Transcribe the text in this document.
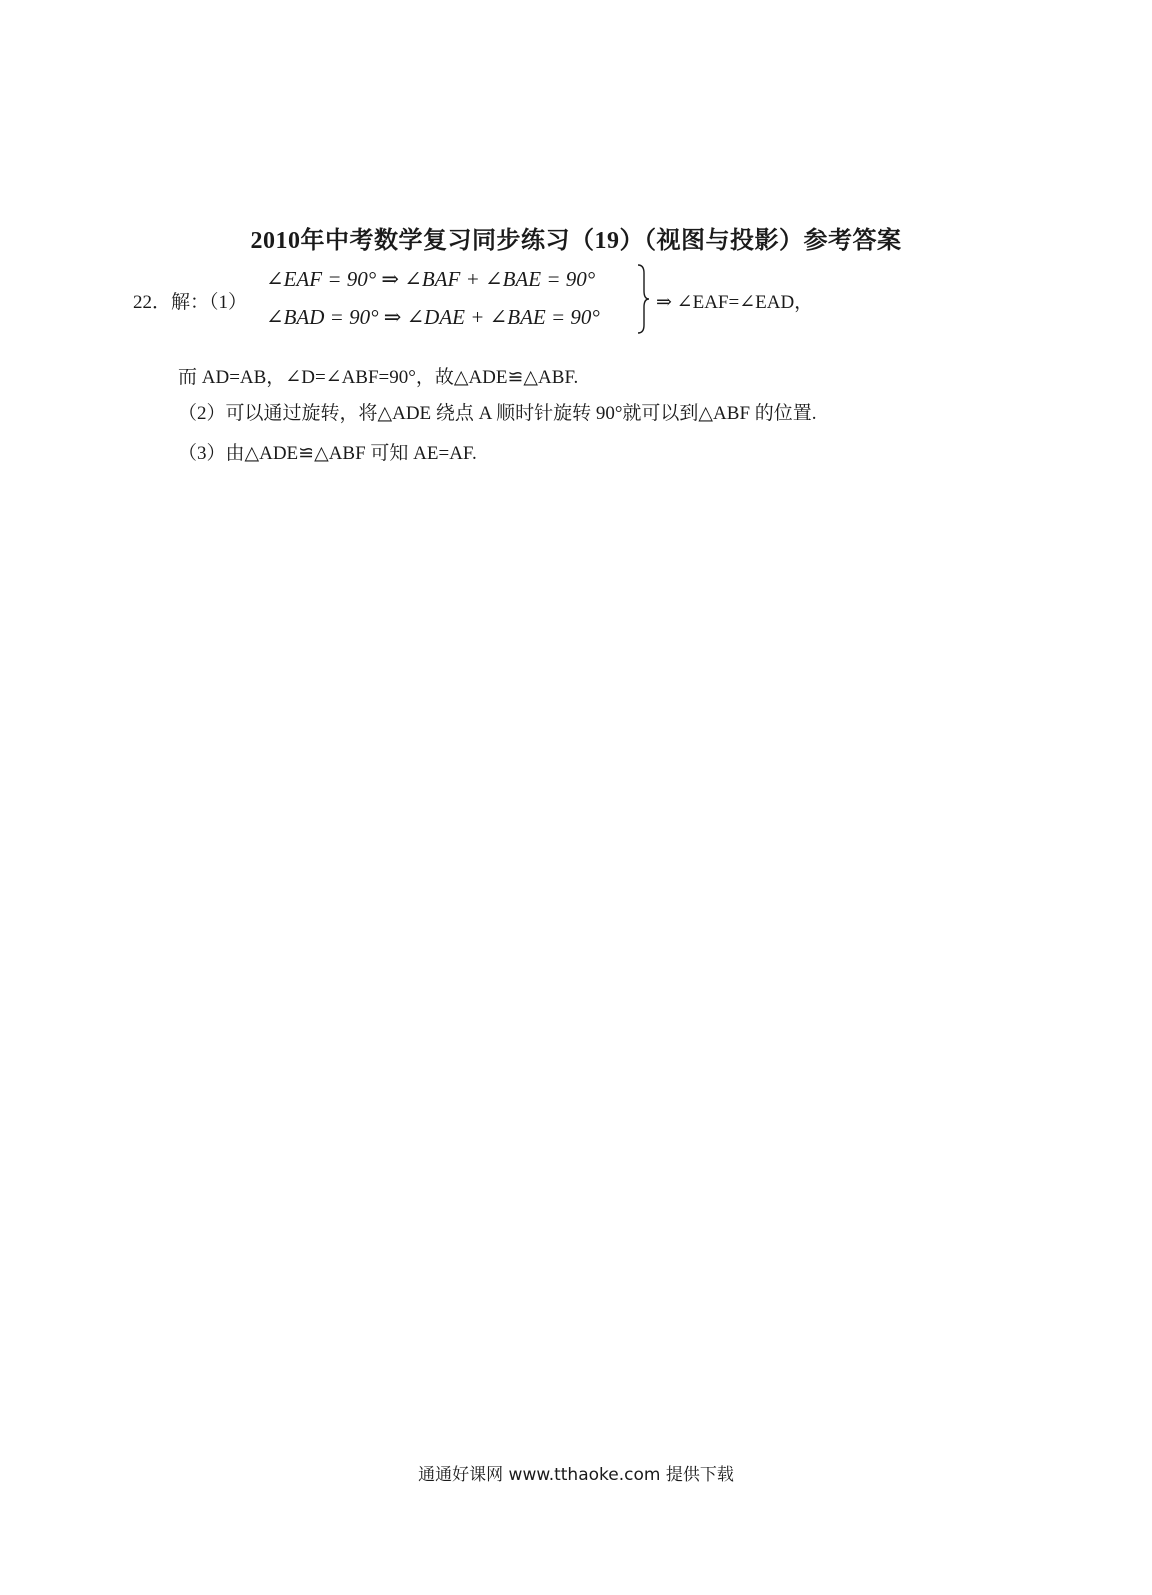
2010年中考数学复习同步练习（19）（视图与投影）参考答案
22．解：（1）
∠EAF = 90° ⇒ ∠BAF + ∠BAE = 90°
∠BAD = 90° ⇒ ∠DAE + ∠BAE = 90°
⇒ ∠EAF=∠EAD，
而 AD=AB，∠D=∠ABF=90°，故△ADE≌△ABF.
（2）可以通过旋转，将△ADE 绕点 A 顺时针旋转 90°就可以到△ABF 的位置.
（3）由△ADE≌△ABF 可知 AE=AF.
通通好课网 www.tthaoke.com 提供下载
